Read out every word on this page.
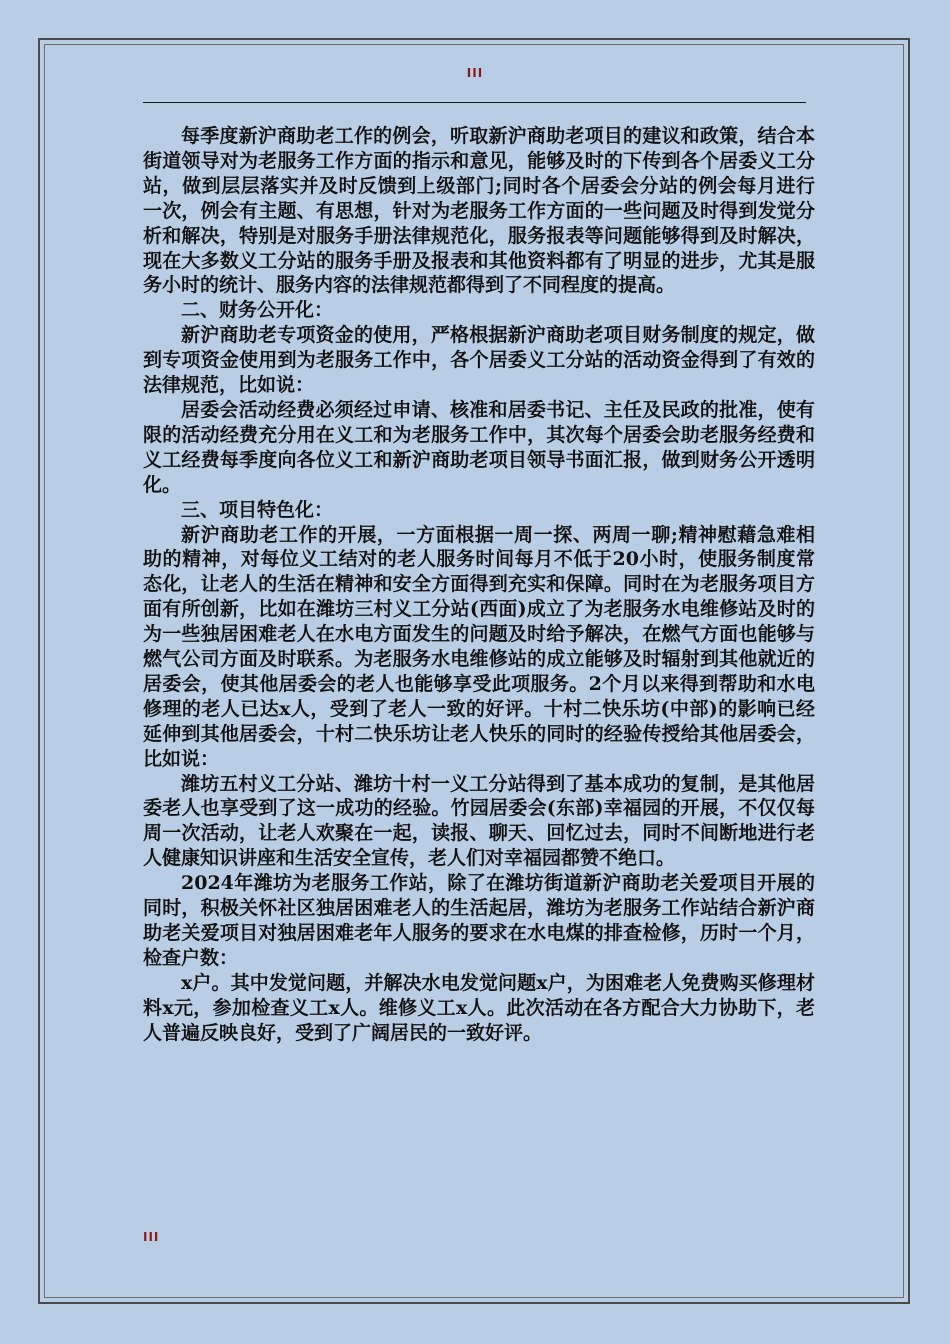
III

每季度新沪商助老工作的例会，听取新沪商助老项目的建议和政策，结合本街道领导对为老服务工作方面的指示和意见，能够及时的下传到各个居委义工分站，做到层层落实并及时反馈到上级部门;同时各个居委会分站的例会每月进行一次，例会有主题、有思想，针对为老服务工作方面的一些问题及时得到发觉分析和解决，特别是对服务手册法律规范化，服务报表等问题能够得到及时解决，现在大多数义工分站的服务手册及报表和其他资料都有了明显的进步，尤其是服务小时的统计、服务内容的法律规范都得到了不同程度的提高。

二、财务公开化：

新沪商助老专项资金的使用，严格根据新沪商助老项目财务制度的规定，做到专项资金使用到为老服务工作中，各个居委义工分站的活动资金得到了有效的法律规范，比如说：

居委会活动经费必须经过申请、核准和居委书记、主任及民政的批准，使有限的活动经费充分用在义工和为老服务工作中，其次每个居委会助老服务经费和义工经费每季度向各位义工和新沪商助老项目领导书面汇报，做到财务公开透明化。

三、项目特色化：

新沪商助老工作的开展，一方面根据一周一探、两周一聊;精神慰藉急难相助的精神，对每位义工结对的老人服务时间每月不低于20小时，使服务制度常态化，让老人的生活在精神和安全方面得到充实和保障。同时在为老服务项目方面有所创新，比如在潍坊三村义工分站(西面)成立了为老服务水电维修站及时的为一些独居困难老人在水电方面发生的问题及时给予解决，在燃气方面也能够与燃气公司方面及时联系。为老服务水电维修站的成立能够及时辐射到其他就近的居委会，使其他居委会的老人也能够享受此项服务。2个月以来得到帮助和水电修理的老人已达x人，受到了老人一致的好评。十村二快乐坊(中部)的影响已经延伸到其他居委会，十村二快乐坊让老人快乐的同时的经验传授给其他居委会，比如说：

潍坊五村义工分站、潍坊十村一义工分站得到了基本成功的复制，是其他居委老人也享受到了这一成功的经验。竹园居委会(东部)幸福园的开展，不仅仅每周一次活动，让老人欢聚在一起，读报、聊天、回忆过去，同时不间断地进行老人健康知识讲座和生活安全宣传，老人们对幸福园都赞不绝口。

2024年潍坊为老服务工作站，除了在潍坊街道新沪商助老关爱项目开展的同时，积极关怀社区独居困难老人的生活起居，潍坊为老服务工作站结合新沪商助老关爱项目对独居困难老年人服务的要求在水电煤的排查检修，历时一个月，检查户数：

x户。其中发觉问题，并解决水电发觉问题x户，为困难老人免费购买修理材料x元，参加检查义工x人。维修义工x人。此次活动在各方配合大力协助下，老人普遍反映良好，受到了广阔居民的一致好评。

III
